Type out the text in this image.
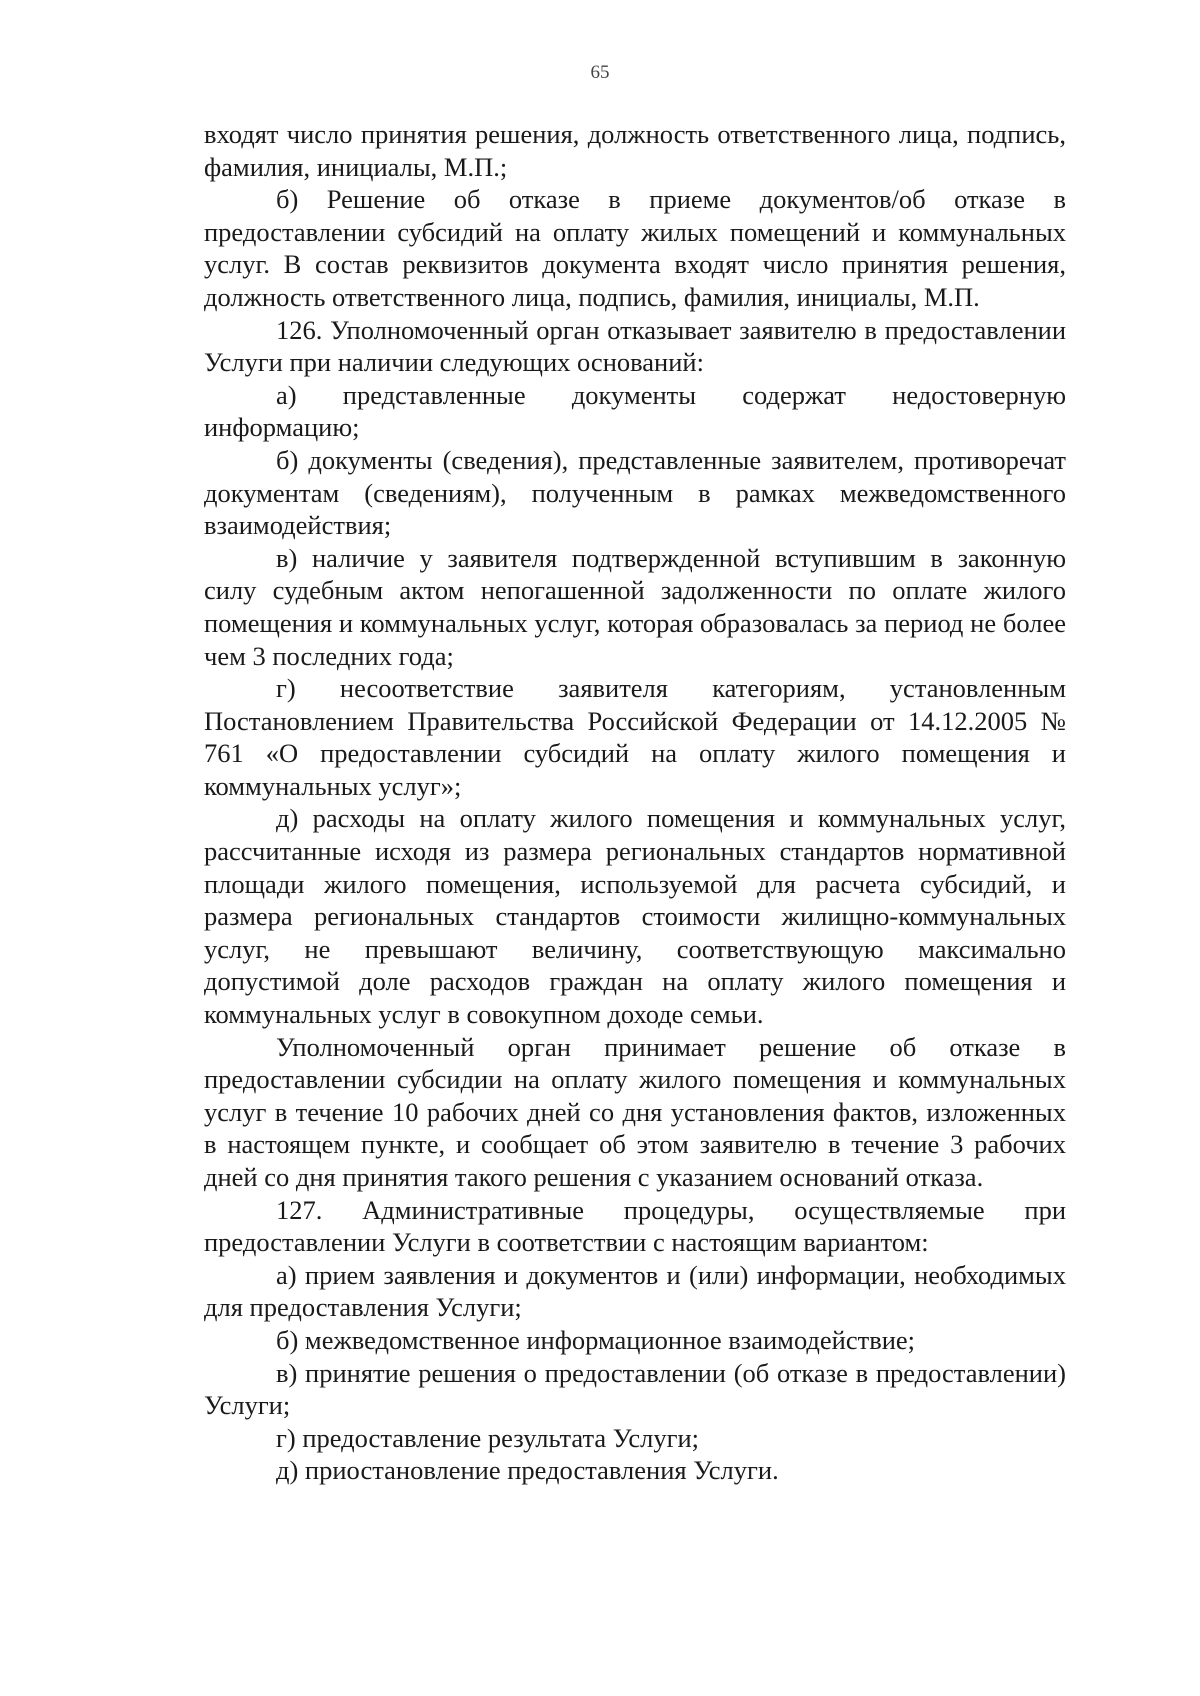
65

входят число принятия решения, должность ответственного лица, подпись, фамилия, инициалы, М.П.;

б) Решение об отказе в приеме документов/об отказе в предоставлении субсидий на оплату жилых помещений и коммунальных услуг. В состав реквизитов документа входят число принятия решения, должность ответственного лица, подпись, фамилия, инициалы, М.П.

126. Уполномоченный орган отказывает заявителю в предоставлении Услуги при наличии следующих оснований:

а) представленные документы содержат недостоверную информацию;

б) документы (сведения), представленные заявителем, противоречат документам (сведениям), полученным в рамках межведомственного взаимодействия;

в) наличие у заявителя подтвержденной вступившим в законную силу судебным актом непогашенной задолженности по оплате жилого помещения и коммунальных услуг, которая образовалась за период не более чем 3 последних года;

г) несоответствие заявителя категориям, установленным Постановлением Правительства Российской Федерации от 14.12.2005 № 761 «О предоставлении субсидий на оплату жилого помещения и коммунальных услуг»;

д) расходы на оплату жилого помещения и коммунальных услуг, рассчитанные исходя из размера региональных стандартов нормативной площади жилого помещения, используемой для расчета субсидий, и размера региональных стандартов стоимости жилищно-коммунальных услуг, не превышают величину, соответствующую максимально допустимой доле расходов граждан на оплату жилого помещения и коммунальных услуг в совокупном доходе семьи.

Уполномоченный орган принимает решение об отказе в предоставлении субсидии на оплату жилого помещения и коммунальных услуг в течение 10 рабочих дней со дня установления фактов, изложенных в настоящем пункте, и сообщает об этом заявителю в течение 3 рабочих дней со дня принятия такого решения с указанием оснований отказа.

127. Административные процедуры, осуществляемые при предоставлении Услуги в соответствии с настоящим вариантом:

а) прием заявления и документов и (или) информации, необходимых для предоставления Услуги;

б) межведомственное информационное взаимодействие;

в) принятие решения о предоставлении (об отказе в предоставлении) Услуги;

г) предоставление результата Услуги;

д) приостановление предоставления Услуги.
